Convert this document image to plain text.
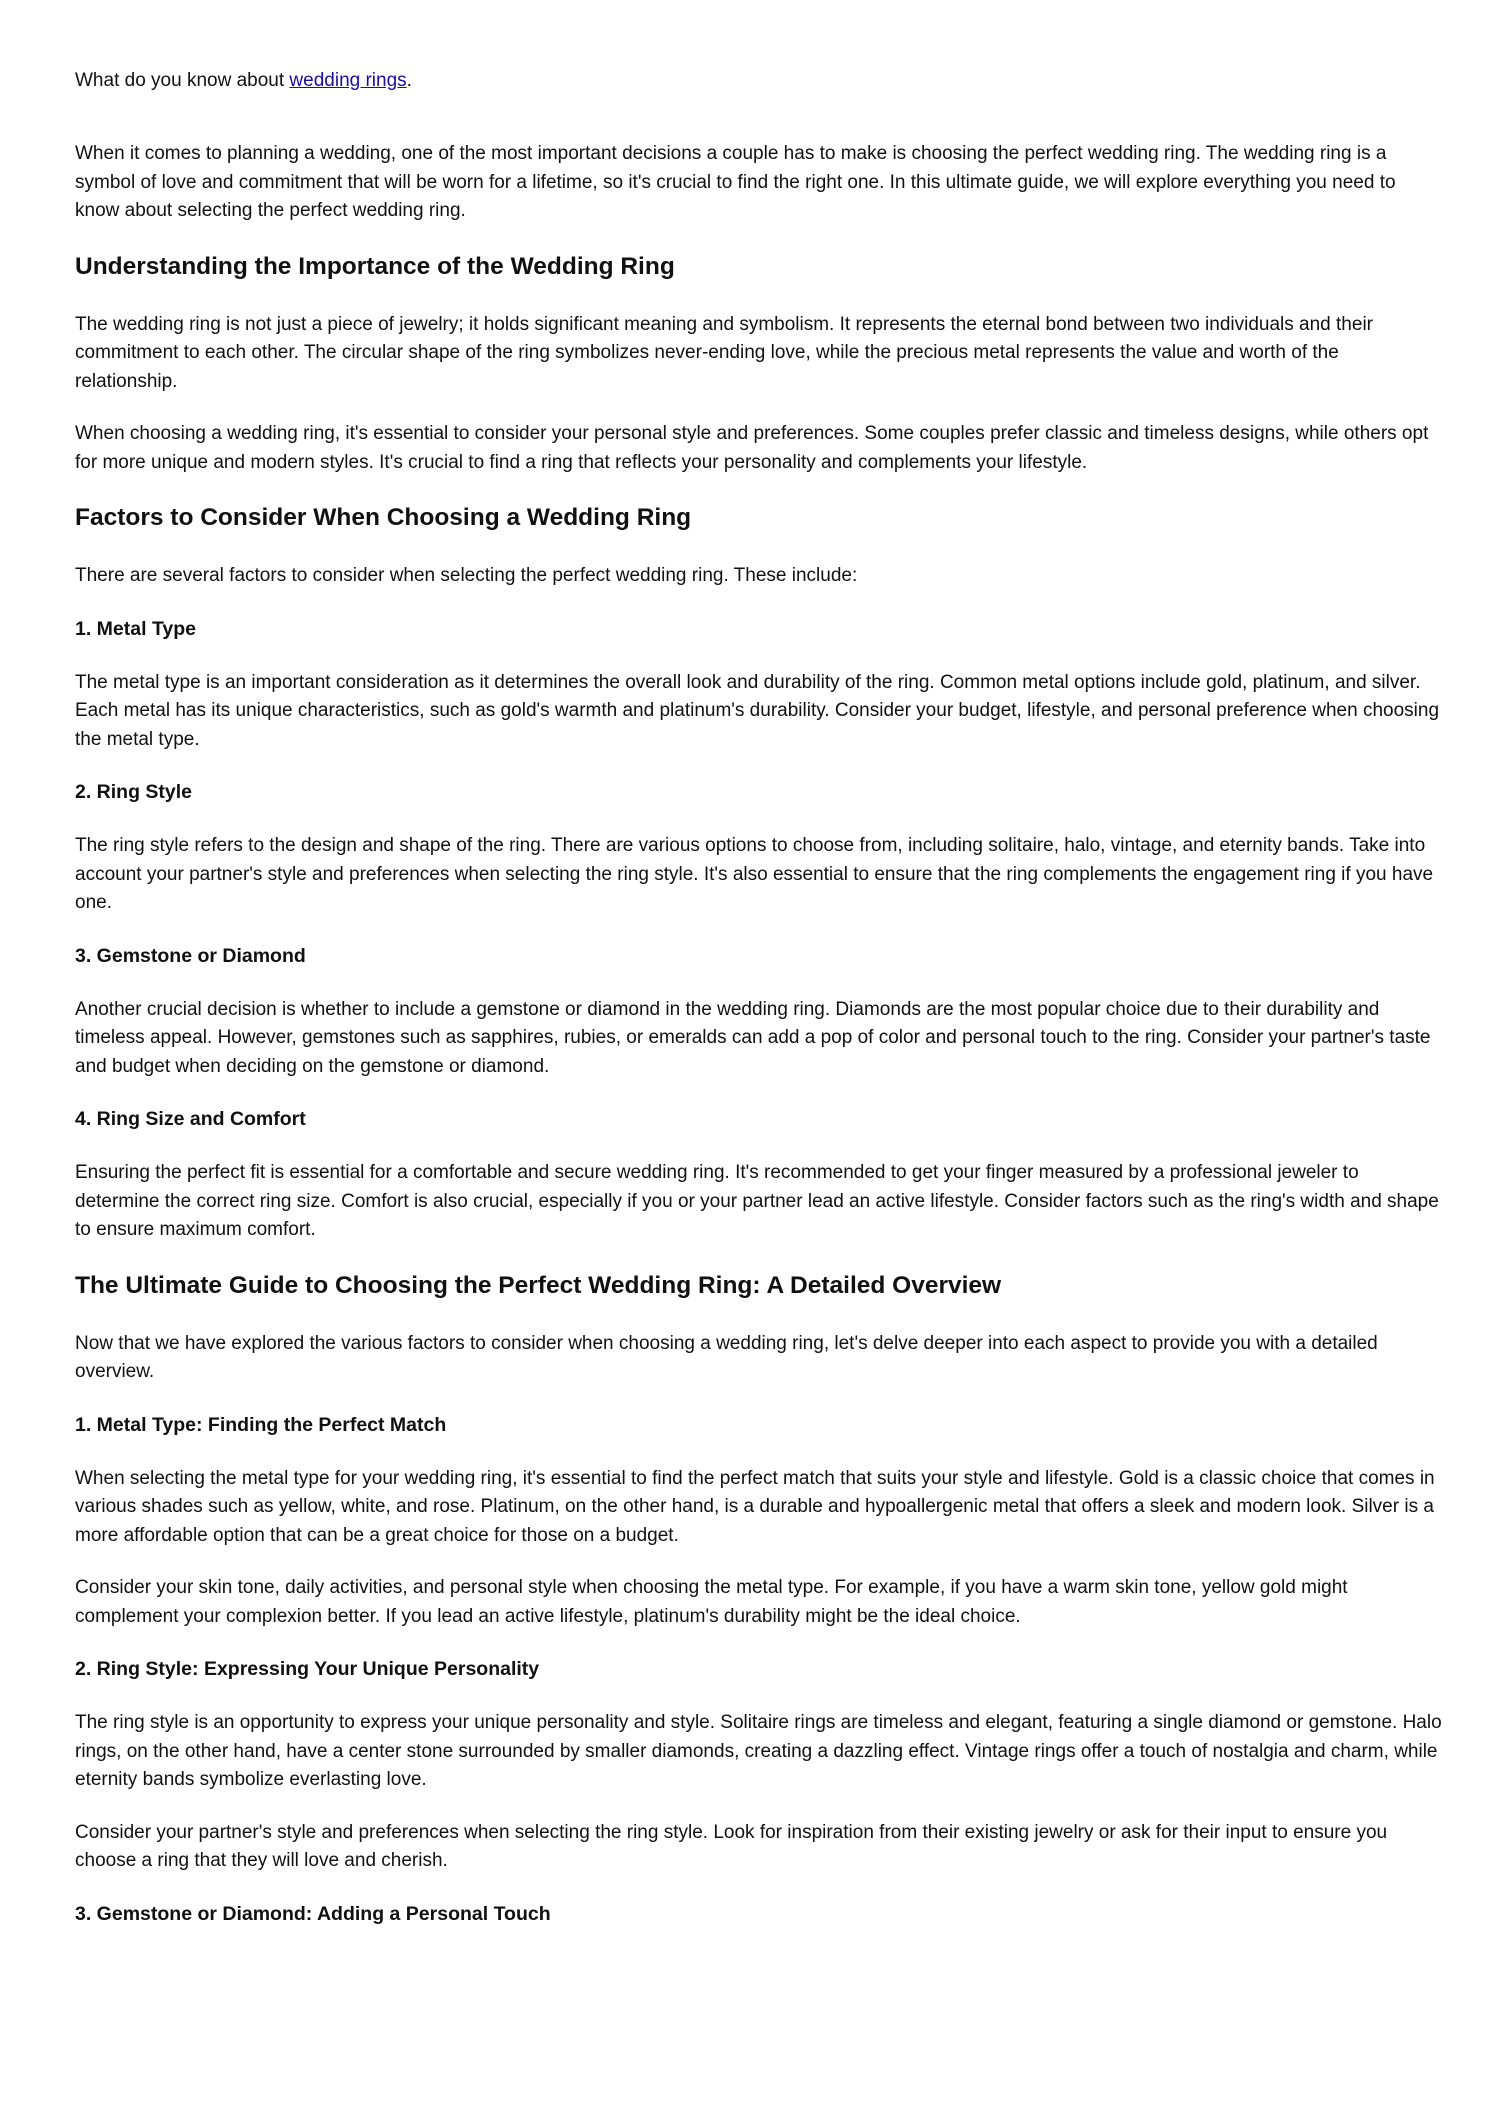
What do you know about wedding rings.

When it comes to planning a wedding, one of the most important decisions a couple has to make is choosing the perfect wedding ring. The wedding ring is a symbol of love and commitment that will be worn for a lifetime, so it's crucial to find the right one. In this ultimate guide, we will explore everything you need to know about selecting the perfect wedding ring.

Understanding the Importance of the Wedding Ring

The wedding ring is not just a piece of jewelry; it holds significant meaning and symbolism. It represents the eternal bond between two individuals and their commitment to each other. The circular shape of the ring symbolizes never-ending love, while the precious metal represents the value and worth of the relationship.

When choosing a wedding ring, it's essential to consider your personal style and preferences. Some couples prefer classic and timeless designs, while others opt for more unique and modern styles. It's crucial to find a ring that reflects your personality and complements your lifestyle.

Factors to Consider When Choosing a Wedding Ring

There are several factors to consider when selecting the perfect wedding ring. These include:

1. Metal Type

The metal type is an important consideration as it determines the overall look and durability of the ring. Common metal options include gold, platinum, and silver. Each metal has its unique characteristics, such as gold's warmth and platinum's durability. Consider your budget, lifestyle, and personal preference when choosing the metal type.

2. Ring Style

The ring style refers to the design and shape of the ring. There are various options to choose from, including solitaire, halo, vintage, and eternity bands. Take into account your partner's style and preferences when selecting the ring style. It's also essential to ensure that the ring complements the engagement ring if you have one.

3. Gemstone or Diamond

Another crucial decision is whether to include a gemstone or diamond in the wedding ring. Diamonds are the most popular choice due to their durability and timeless appeal. However, gemstones such as sapphires, rubies, or emeralds can add a pop of color and personal touch to the ring. Consider your partner's taste and budget when deciding on the gemstone or diamond.

4. Ring Size and Comfort

Ensuring the perfect fit is essential for a comfortable and secure wedding ring. It's recommended to get your finger measured by a professional jeweler to determine the correct ring size. Comfort is also crucial, especially if you or your partner lead an active lifestyle. Consider factors such as the ring's width and shape to ensure maximum comfort.

The Ultimate Guide to Choosing the Perfect Wedding Ring: A Detailed Overview

Now that we have explored the various factors to consider when choosing a wedding ring, let's delve deeper into each aspect to provide you with a detailed overview.

1. Metal Type: Finding the Perfect Match

When selecting the metal type for your wedding ring, it's essential to find the perfect match that suits your style and lifestyle. Gold is a classic choice that comes in various shades such as yellow, white, and rose. Platinum, on the other hand, is a durable and hypoallergenic metal that offers a sleek and modern look. Silver is a more affordable option that can be a great choice for those on a budget.

Consider your skin tone, daily activities, and personal style when choosing the metal type. For example, if you have a warm skin tone, yellow gold might complement your complexion better. If you lead an active lifestyle, platinum's durability might be the ideal choice.

2. Ring Style: Expressing Your Unique Personality

The ring style is an opportunity to express your unique personality and style. Solitaire rings are timeless and elegant, featuring a single diamond or gemstone. Halo rings, on the other hand, have a center stone surrounded by smaller diamonds, creating a dazzling effect. Vintage rings offer a touch of nostalgia and charm, while eternity bands symbolize everlasting love.

Consider your partner's style and preferences when selecting the ring style. Look for inspiration from their existing jewelry or ask for their input to ensure you choose a ring that they will love and cherish.

3. Gemstone or Diamond: Adding a Personal Touch
